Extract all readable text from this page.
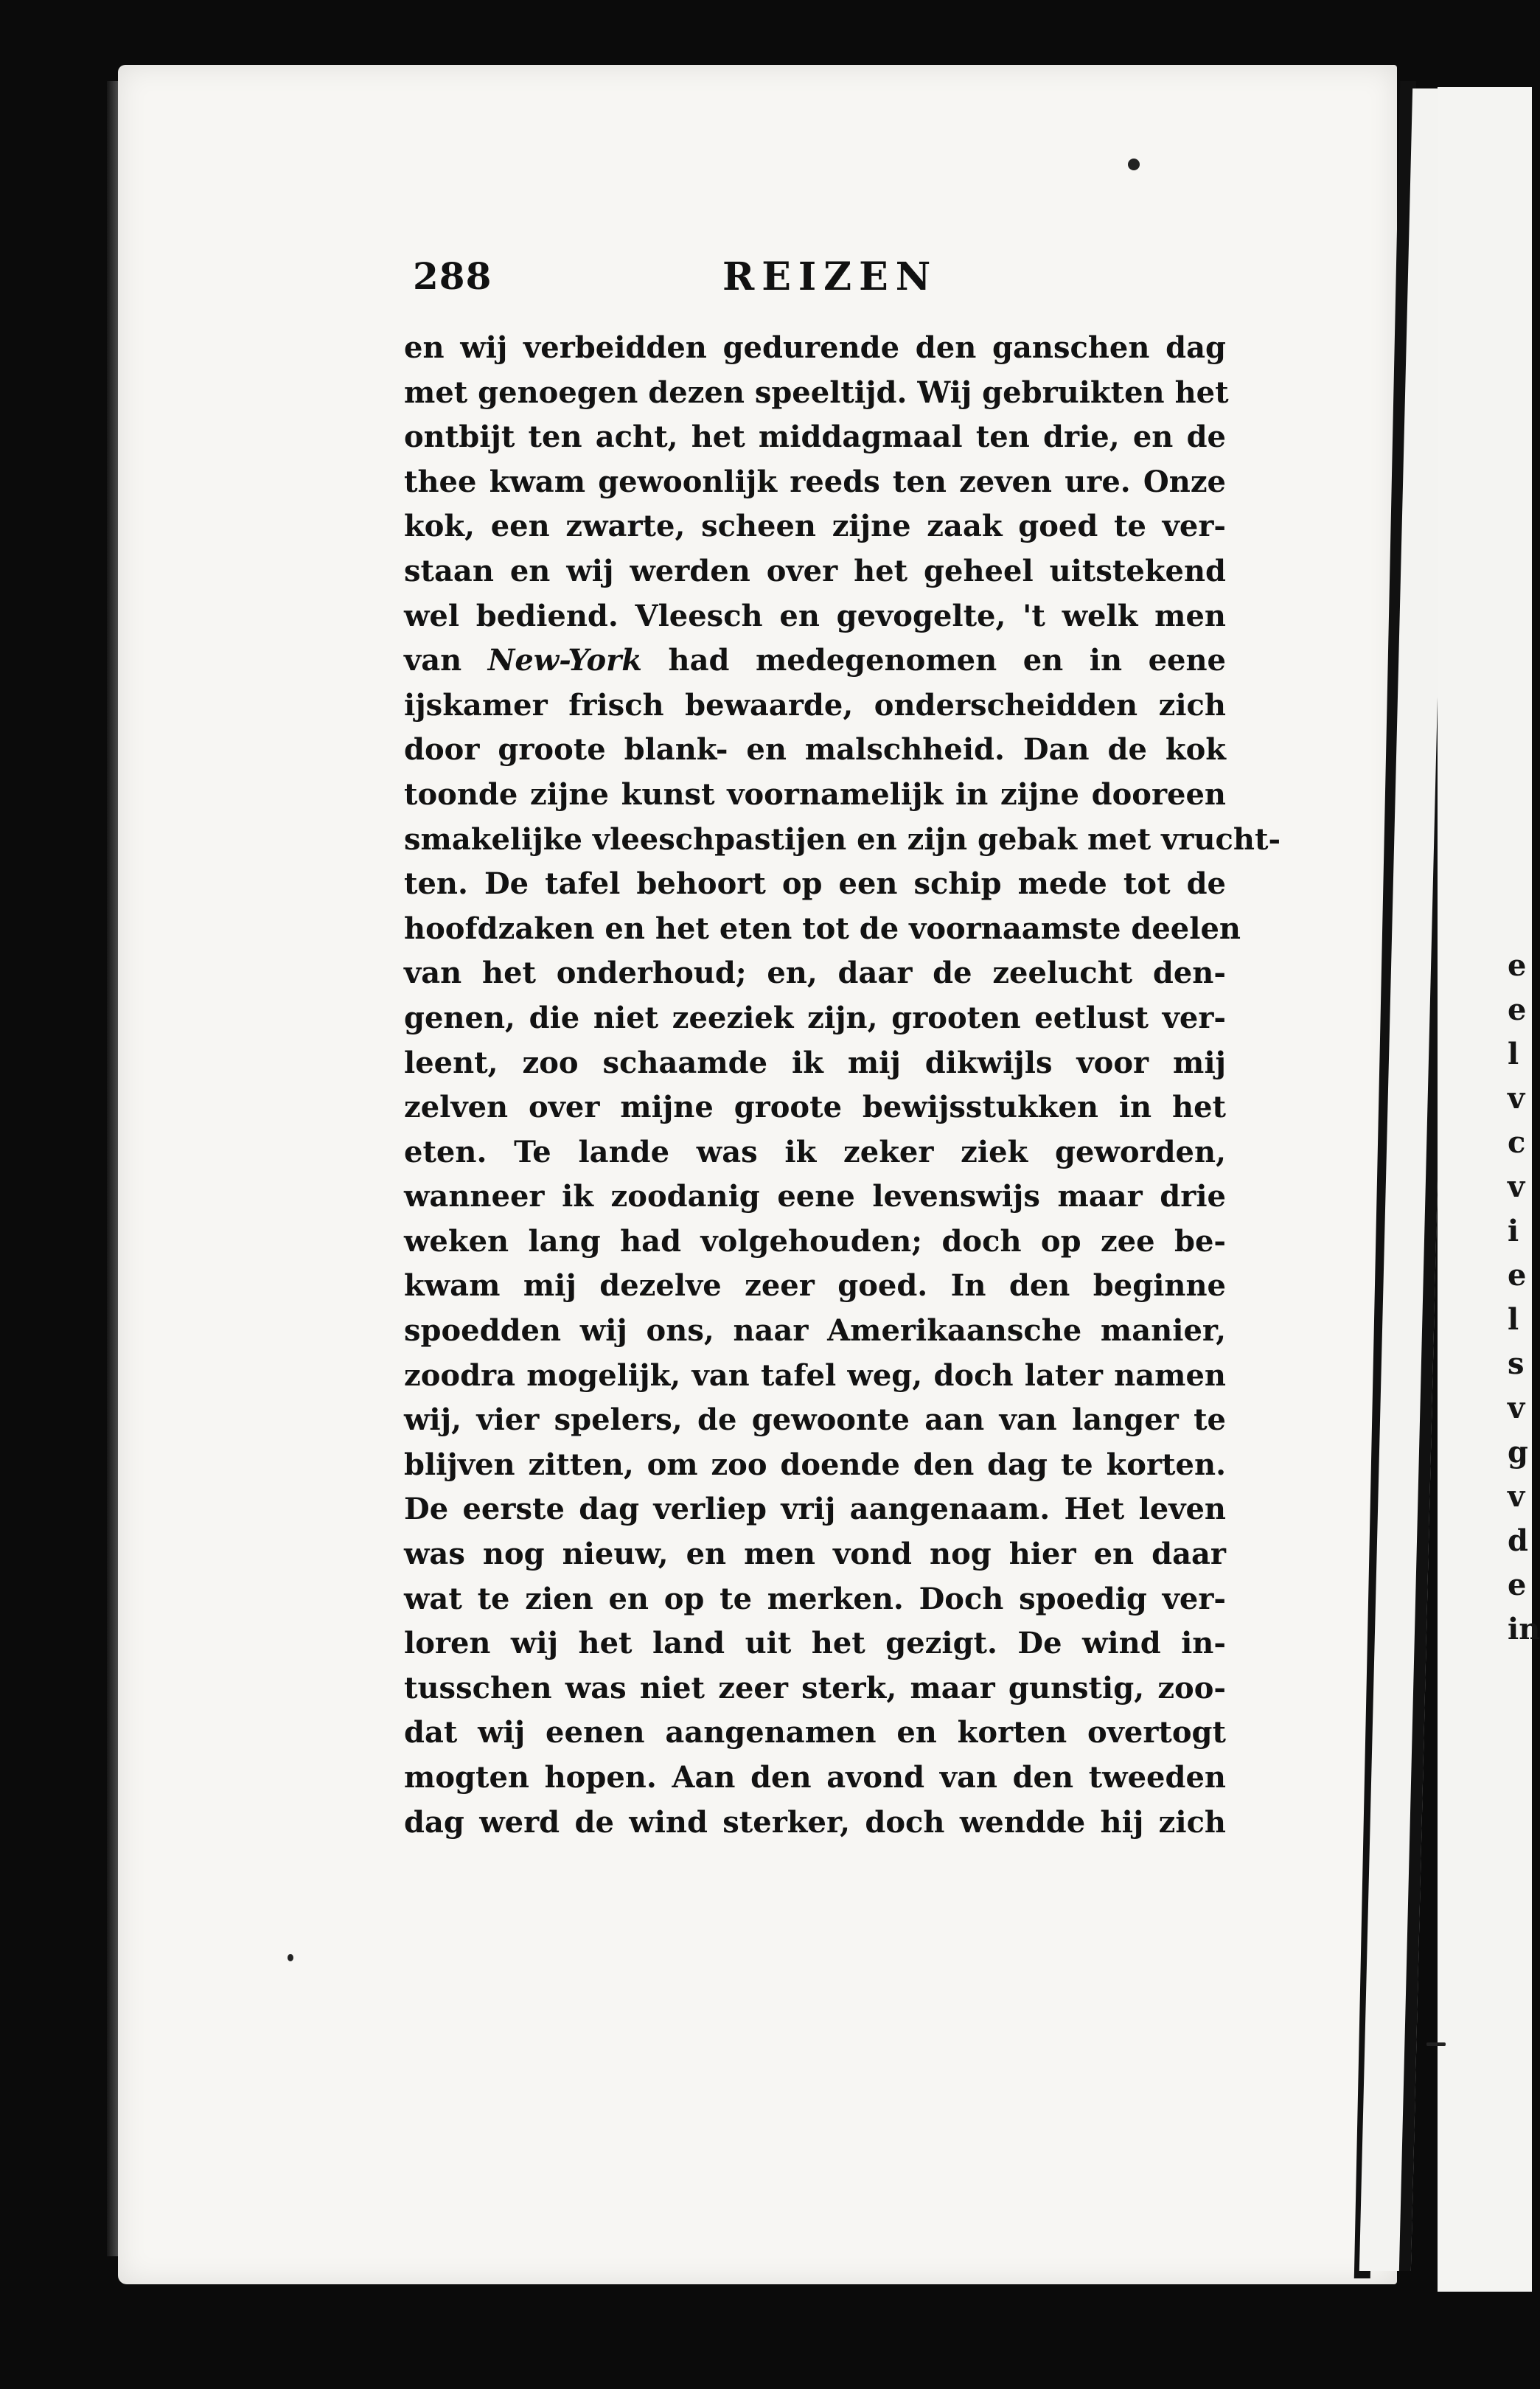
e
e
l
v
c
v
i
e
l
s
v
g
v
d
e
in
288	REIZEN
en wij verbeidden gedurende den ganschen dag
met genoegen dezen speeltijd. Wij gebruikten het
ontbijt ten acht, het middagmaal ten drie, en de
thee kwam gewoonlijk reeds ten zeven ure. Onze
kok, een zwarte, scheen zijne zaak goed te ver-
staan en wij werden over het geheel uitstekend
wel bediend. Vleesch en gevogelte, 't welk men
van New-York had medegenomen en in eene
ijskamer frisch bewaarde, onderscheidden zich
door groote blank- en malschheid. Dan de kok
toonde zijne kunst voornamelijk in zijne dooreen
smakelijke vleeschpastijen en zijn gebak met vrucht-
ten. De tafel behoort op een schip mede tot de
hoofdzaken en het eten tot de voornaamste deelen
van het onderhoud; en, daar de zeelucht den-
genen, die niet zeeziek zijn, grooten eetlust ver-
leent, zoo schaamde ik mij dikwijls voor mij
zelven over mijne groote bewijsstukken in het
eten. Te lande was ik zeker ziek geworden,
wanneer ik zoodanig eene levenswijs maar drie
weken lang had volgehouden; doch op zee be-
kwam mij dezelve zeer goed. In den beginne
spoedden wij ons, naar Amerikaansche manier,
zoodra mogelijk, van tafel weg, doch later namen
wij, vier spelers, de gewoonte aan van langer te
blijven zitten, om zoo doende den dag te korten.
De eerste dag verliep vrij aangenaam. Het leven
was nog nieuw, en men vond nog hier en daar
wat te zien en op te merken. Doch spoedig ver-
loren wij het land uit het gezigt. De wind in-
tusschen was niet zeer sterk, maar gunstig, zoo-
dat wij eenen aangenamen en korten overtogt
mogten hopen. Aan den avond van den tweeden
dag werd de wind sterker, doch wendde hij zich
